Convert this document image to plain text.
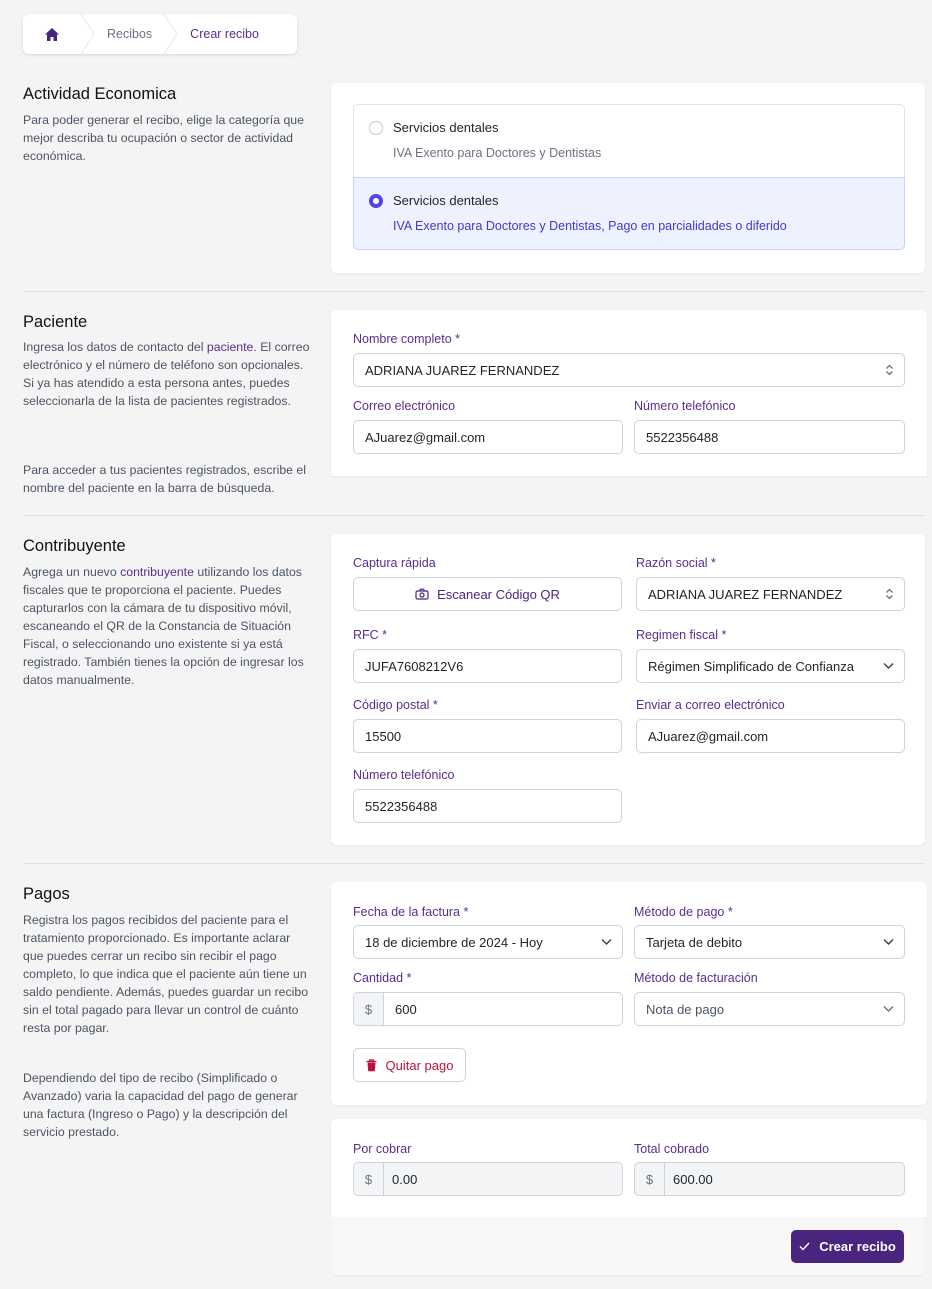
Recibos	Crear recibo
Actividad Economica
Para poder generar el recibo, elige la categoría que mejor describa tu ocupación o sector de actividad económica.
Servicios dentales
IVA Exento para Doctores y Dentistas
Servicios dentales
IVA Exento para Doctores y Dentistas, Pago en parcialidades o diferido
Paciente
Ingresa los datos de contacto del paciente. El correo electrónico y el número de teléfono son opcionales. Si ya has atendido a esta persona antes, puedes seleccionarla de la lista de pacientes registrados.
Para acceder a tus pacientes registrados, escribe el nombre del paciente en la barra de búsqueda.
Nombre completo *
ADRIANA JUAREZ FERNANDEZ
Correo electrónico
AJuarez@gmail.com
Número telefónico
5522356488
Contribuyente
Agrega un nuevo contribuyente utilizando los datos fiscales que te proporciona el paciente. Puedes capturarlos con la cámara de tu dispositivo móvil, escaneando el QR de la Constancia de Situación Fiscal, o seleccionando uno existente si ya está registrado. También tienes la opción de ingresar los datos manualmente.
Captura rápida
Escanear Código QR
Razón social *
ADRIANA JUAREZ FERNANDEZ
RFC *
JUFA7608212V6
Regimen fiscal *
Régimen Simplificado de Confianza
Código postal *
15500
Enviar a correo electrónico
AJuarez@gmail.com
Número telefónico
5522356488
Pagos
Registra los pagos recibidos del paciente para el tratamiento proporcionado. Es importante aclarar que puedes cerrar un recibo sin recibir el pago completo, lo que indica que el paciente aún tiene un saldo pendiente. Además, puedes guardar un recibo sin el total pagado para llevar un control de cuánto resta por pagar.
Dependiendo del tipo de recibo (Simplificado o Avanzado) varia la capacidad del pago de generar una factura (Ingreso o Pago) y la descripción del servicio prestado.
Fecha de la factura *
18 de diciembre de 2024 - Hoy
Método de pago *
Tarjeta de debito
Cantidad *
$	600
Método de facturación
Nota de pago
Quitar pago
Por cobrar
$	0.00
Total cobrado
$	600.00
Crear recibo
